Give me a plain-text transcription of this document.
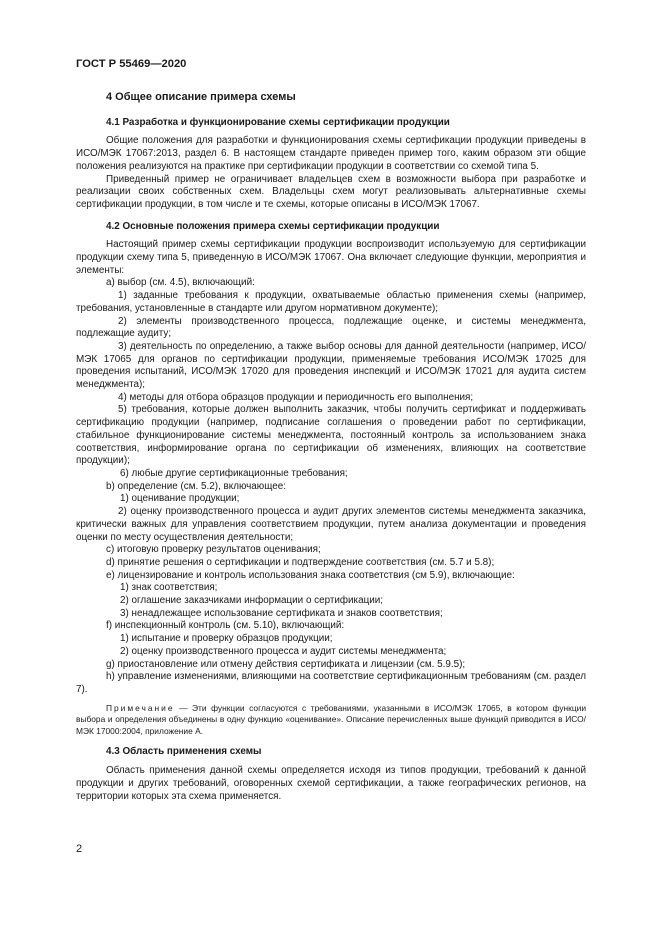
ГОСТ Р 55469—2020

4 Общее описание примера схемы

4.1 Разработка и функционирование схемы сертификации продукции

Общие положения для разработки и функционирования схемы сертификации продукции приведены в ИСО/МЭК 17067:2013, раздел 6. В настоящем стандарте приведен пример того, каким образом эти общие положения реализуются на практике при сертификации продукции в соответствии со схемой типа 5.

Приведенный пример не ограничивает владельцев схем в возможности выбора при разработке и реализации своих собственных схем. Владельцы схем могут реализовывать альтернативные схемы сертификации продукции, в том числе и те схемы, которые описаны в ИСО/МЭК 17067.

4.2 Основные положения примера схемы сертификации продукции

Настоящий пример схемы сертификации продукции воспроизводит используемую для сертификации продукции схему типа 5, приведенную в ИСО/МЭК 17067. Она включает следующие функции, мероприятия и элементы:

а) выбор (см. 4.5), включающий:

1) заданные требования к продукции, охватываемые областью применения схемы (например, требования, установленные в стандарте или другом нормативном документе);

2) элементы производственного процесса, подлежащие оценке, и системы менеджмента, подлежащие аудиту;

3) деятельность по определению, а также выбор основы для данной деятельности (например, ИСО/МЭК 17065 для органов по сертификации продукции, применяемые требования ИСО/МЭК 17025 для проведения испытаний, ИСО/МЭК 17020 для проведения инспекций и ИСО/МЭК 17021 для аудита систем менеджмента);

4) методы для отбора образцов продукции и периодичность его выполнения;

5) требования, которые должен выполнить заказчик, чтобы получить сертификат и поддерживать сертификацию продукции (например, подписание соглашения о проведении работ по сертификации, стабильное функционирование системы менеджмента, постоянный контроль за использованием знака соответствия, информирование органа по сертификации об изменениях, влияющих на соответствие продукции);

6) любые другие сертификационные требования;

b) определение (см. 5.2), включающее:

1) оценивание продукции;

2) оценку производственного процесса и аудит других элементов системы менеджмента заказчика, критически важных для управления соответствием продукции, путем анализа документации и проведения оценки по месту осуществления деятельности;

с) итоговую проверку результатов оценивания;

d) принятие решения о сертификации и подтверждение соответствия (см. 5.7 и 5.8);

е) лицензирование и контроль использования знака соответствия (см 5.9), включающие:

1) знак соответствия;

2) оглашение заказчиками информации о сертификации;

3) ненадлежащее использование сертификата и знаков соответствия;

f) инспекционный контроль (см. 5.10), включающий:

1) испытание и проверку образцов продукции;

2) оценку производственного процесса и аудит системы менеджмента;

g) приостановление или отмену действия сертификата и лицензии (см. 5.9.5);

h) управление изменениями, влияющими на соответствие сертификационным требованиям (см. раздел 7).

Примечание — Эти функции согласуются с требованиями, указанными в ИСО/МЭК 17065, в котором функции выбора и определения объединены в одну функцию «оценивание». Описание перечисленных выше функций приводится в ИСО/МЭК 17000:2004, приложение А.

4.3 Область применения схемы

Область применения данной схемы определяется исходя из типов продукции, требований к данной продукции и других требований, оговоренных схемой сертификации, а также географических регионов, на территории которых эта схема применяется.

2
